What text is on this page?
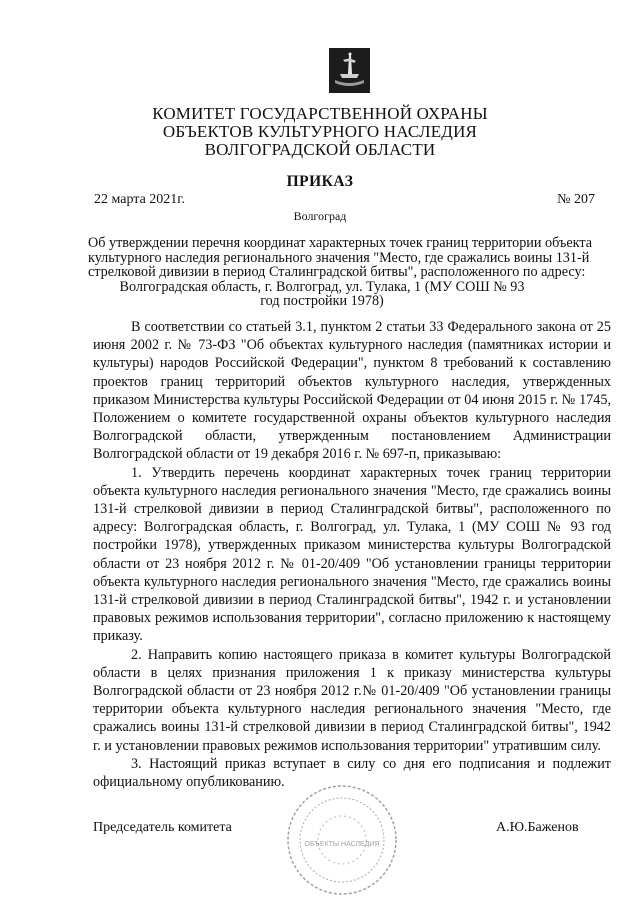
КОМИТЕТ ГОСУДАРСТВЕННОЙ ОХРАНЫ
ОБЪЕКТОВ КУЛЬТУРНОГО НАСЛЕДИЯ
ВОЛГОГРАДСКОЙ ОБЛАСТИ
ПРИКАЗ
22 марта 2021г.	№ 207
Волгоград
Об утверждении перечня координат характерных точек границ территории объекта
культурного наследия регионального значения "Место, где сражались воины 131-й
стрелковой дивизии в период Сталинградской битвы", расположенного по адресу:
Волгоградская область, г. Волгоград, ул. Тулака, 1 (МУ СОШ № 93
год постройки 1978)

В соответствии со статьей 3.1, пунктом 2 статьи 33 Федерального закона от 25 июня 2002 г. № 73-ФЗ "Об объектах культурного наследия (памятниках истории и культуры) народов Российской Федерации", пунктом 8 требований к составлению проектов границ территорий объектов культурного наследия, утвержденных приказом Министерства культуры Российской Федерации от 04 июня 2015 г. № 1745, Положением о комитете государственной охраны объектов культурного наследия Волгоградской области, утвержденным постановлением Администрации Волгоградской области от 19 декабря 2016 г. № 697-п, приказываю:

1. Утвердить перечень координат характерных точек границ территории объекта культурного наследия регионального значения "Место, где сражались воины 131-й стрелковой дивизии в период Сталинградской битвы", расположенного по адресу: Волгоградская область, г. Волгоград, ул. Тулака, 1 (МУ СОШ № 93 год постройки 1978), утвержденных приказом министерства культуры Волгоградской области от 23 ноября 2012 г. № 01-20/409 "Об установлении границы территории объекта культурного наследия регионального значения "Место, где сражались воины 131-й стрелковой дивизии в период Сталинградской битвы", 1942 г. и установлении правовых режимов использования территории", согласно приложению к настоящему приказу.

2. Направить копию настоящего приказа в комитет культуры Волгоградской области в целях признания приложения 1 к приказу министерства культуры Волгоградской области от 23 ноября 2012 г.№ 01-20/409 "Об установлении границы территории объекта культурного наследия регионального значения "Место, где сражались воины 131-й стрелковой дивизии в период Сталинградской битвы", 1942 г. и установлении правовых режимов использования территории" утратившим силу.

3. Настоящий приказ вступает в силу со дня его подписания и подлежит официальному опубликованию.

ОБЪЕКТЫ НАСЛЕДИЯ
Председатель комитета	А.Ю.Баженов
